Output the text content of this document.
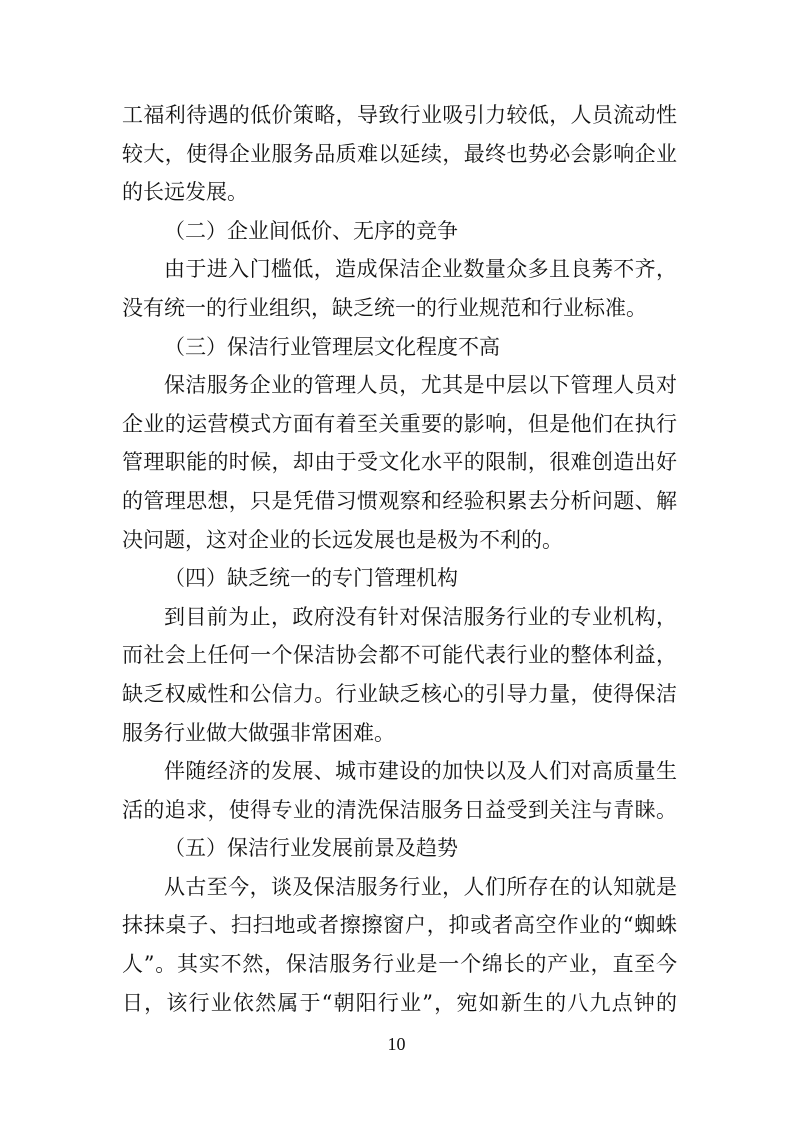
工福利待遇的低价策略，导致行业吸引力较低，人员流动性
较大，使得企业服务品质难以延续，最终也势必会影响企业
的长远发展。
（二）企业间低价、无序的竞争
由于进入门槛低，造成保洁企业数量众多且良莠不齐，
没有统一的行业组织，缺乏统一的行业规范和行业标准。
（三）保洁行业管理层文化程度不高
保洁服务企业的管理人员，尤其是中层以下管理人员对
企业的运营模式方面有着至关重要的影响，但是他们在执行
管理职能的时候，却由于受文化水平的限制，很难创造出好
的管理思想，只是凭借习惯观察和经验积累去分析问题、解
决问题，这对企业的长远发展也是极为不利的。
（四）缺乏统一的专门管理机构
到目前为止，政府没有针对保洁服务行业的专业机构，
而社会上任何一个保洁协会都不可能代表行业的整体利益，
缺乏权威性和公信力。行业缺乏核心的引导力量，使得保洁
服务行业做大做强非常困难。
伴随经济的发展、城市建设的加快以及人们对高质量生
活的追求，使得专业的清洗保洁服务日益受到关注与青睐。
（五）保洁行业发展前景及趋势
从古至今，谈及保洁服务行业，人们所存在的认知就是
抹抹桌子、扫扫地或者擦擦窗户，抑或者高空作业的“蜘蛛
人”。其实不然，保洁服务行业是一个绵长的产业，直至今
日，该行业依然属于“朝阳行业”，宛如新生的八九点钟的
10
